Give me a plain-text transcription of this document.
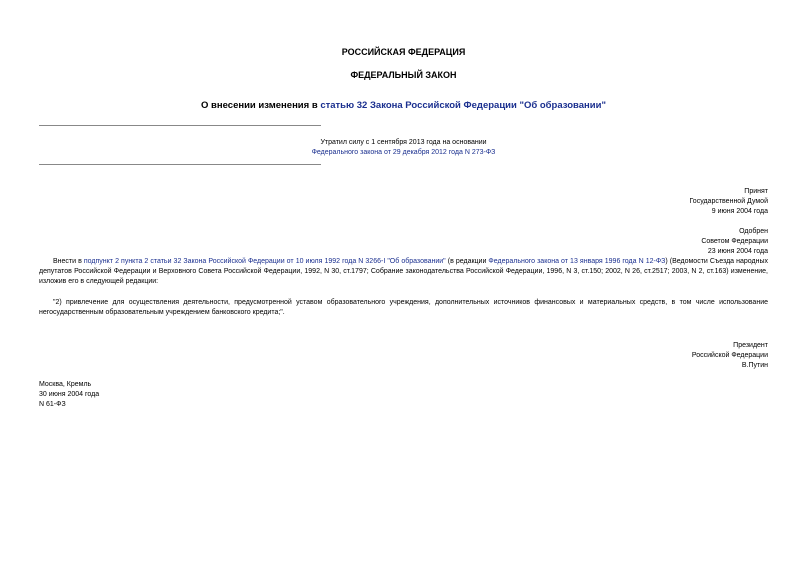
РОССИЙСКАЯ ФЕДЕРАЦИЯ
ФЕДЕРАЛЬНЫЙ ЗАКОН
О внесении изменения в статью 32 Закона Российской Федерации "Об образовании"
Утратил силу с 1 сентября 2013 года на основании
Федерального закона от 29 декабря 2012 года N 273-ФЗ
Принят
Государственной Думой
9 июня 2004 года
Одобрен
Советом Федерации
23 июня 2004 года

Внести в подпункт 2 пункта 2 статьи 32 Закона Российской Федерации от 10 июля 1992 года N 3266-I "Об образовании" (в редакции Федерального закона от 13 января 1996 года N 12-ФЗ) (Ведомости Съезда народных депутатов Российской Федерации и Верховного Совета Российской Федерации, 1992, N 30, ст.1797; Собрание законодательства Российской Федерации, 1996, N 3, ст.150; 2002, N 26, ст.2517; 2003, N 2, ст.163) изменение, изложив его в следующей редакции:

"2) привлечение для осуществления деятельности, предусмотренной уставом образовательного учреждения, дополнительных источников финансовых и материальных средств, в том числе использование негосударственным образовательным учреждением банковского кредита;".

Президент
Российской Федерации
В.Путин
Москва, Кремль
30 июня 2004 года
N 61-ФЗ
